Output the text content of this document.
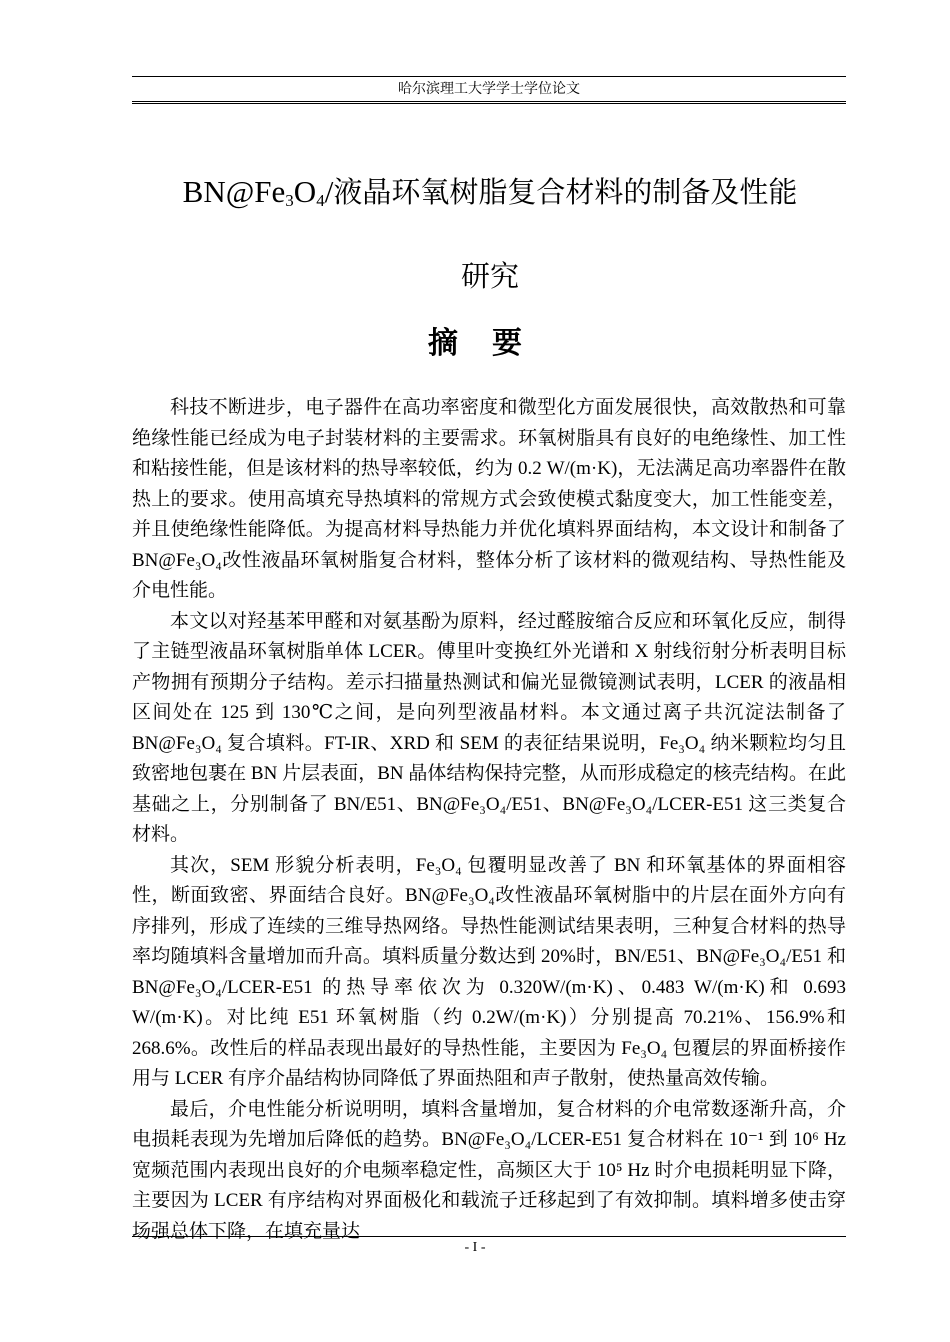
哈尔滨理工大学学士学位论文
$BN@Fe_3O_4/$液晶环氧树脂复合材料的制备及性能
研究
摘要

科技不断进步，电子器件在高功率密度和微型化方面发展很快，高效散热和可靠绝缘性能已经成为电子封装材料的主要需求。环氧树脂具有良好的电绝缘性、加工性和粘接性能，但是该材料的热导率较低，约为 0.2 W/(m·K)，无法满足高功率器件在散热上的要求。使用高填充导热填料的常规方式会致使模式黏度变大，加工性能变差，并且使绝缘性能降低。为提高材料导热能力并优化填料界面结构，本文设计和制备了 BN@Fe₃O₄改性液晶环氧树脂复合材料，整体分析了该材料的微观结构、导热性能及介电性能。

本文以对羟基苯甲醛和对氨基酚为原料，经过醛胺缩合反应和环氧化反应，制得了主链型液晶环氧树脂单体 LCER。傅里叶变换红外光谱和 X 射线衍射分析表明目标产物拥有预期分子结构。差示扫描量热测试和偏光显微镜测试表明，LCER 的液晶相区间处在 125 到 130℃之间，是向列型液晶材料。本文通过离子共沉淀法制备了 BN@Fe₃O₄ 复合填料。FT-IR、XRD 和 SEM 的表征结果说明，Fe₃O₄ 纳米颗粒均匀且致密地包裹在 BN 片层表面，BN 晶体结构保持完整，从而形成稳定的核壳结构。在此基础之上，分别制备了 BN/E51、BN@Fe₃O₄/E51、BN@Fe₃O₄/LCER-E51 这三类复合材料。

其次，SEM 形貌分析表明，Fe₃O₄ 包覆明显改善了 BN 和环氧基体的界面相容性，断面致密、界面结合良好。BN@Fe₃O₄改性液晶环氧树脂中的片层在面外方向有序排列，形成了连续的三维导热网络。导热性能测试结果表明，三种复合材料的热导率均随填料含量增加而升高。填料质量分数达到 20%时，BN/E51、BN@Fe₃O₄/E51 和 BN@Fe₃O₄/LCER-E51 的热导率依次为 0.320W/(m·K)、0.483 W/(m·K)和 0.693 W/(m·K)。对比纯 E51 环氧树脂（约 0.2W/(m·K)）分别提高 70.21%、156.9%和 268.6%。改性后的样品表现出最好的导热性能，主要因为 Fe₃O₄ 包覆层的界面桥接作用与 LCER 有序介晶结构协同降低了界面热阻和声子散射，使热量高效传输。

最后，介电性能分析说明明，填料含量增加，复合材料的介电常数逐渐升高，介电损耗表现为先增加后降低的趋势。BN@Fe₃O₄/LCER-E51 复合材料在 10⁻¹ 到 10⁶ Hz 宽频范围内表现出良好的介电频率稳定性，高频区大于 10⁵ Hz 时介电损耗明显下降，主要因为 LCER 有序结构对界面极化和载流子迁移起到了有效抑制。填料增多使击穿场强总体下降，在填充量达

- I -
